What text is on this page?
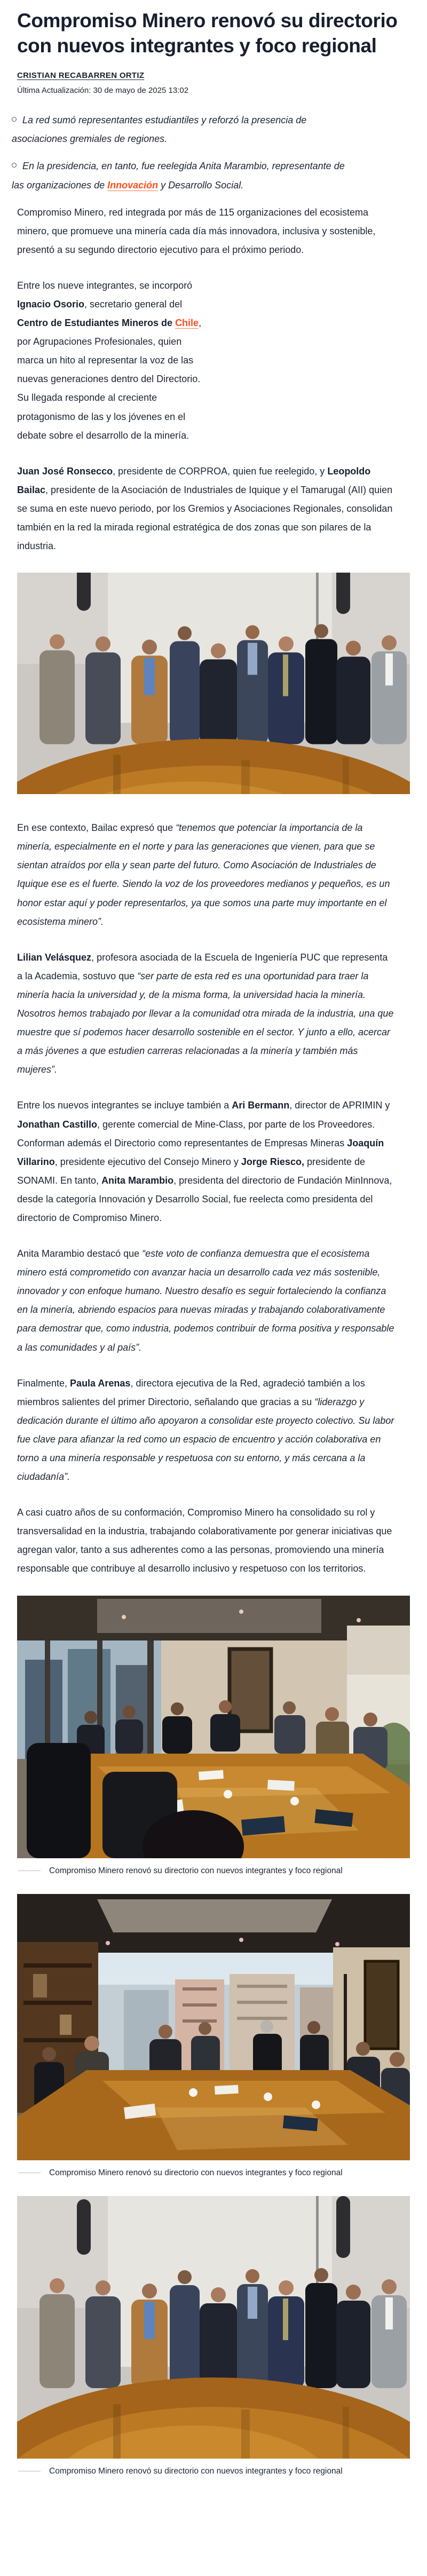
Compromiso Minero renovó su directorio con nuevos integrantes y foco regional
CRISTIAN RECABARREN ORTIZ
Última Actualización: 30 de mayo de 2025 13:02

La red sumó representantes estudiantiles y reforzó la presencia de asociaciones gremiales de regiones.

En la presidencia, en tanto, fue reelegida Anita Marambio, representante de las organizaciones de Innovación y Desarrollo Social.

Compromiso Minero, red integrada por más de 115 organizaciones del ecosistema minero, que promueve una minería cada día más innovadora, inclusiva y sostenible, presentó a su segundo directorio ejecutivo para el próximo periodo.

Entre los nueve integrantes, se incorporó Ignacio Osorio, secretario general del Centro de Estudiantes Mineros de Chile, por Agrupaciones Profesionales, quien marca un hito al representar la voz de las nuevas generaciones dentro del Directorio. Su llegada responde al creciente protagonismo de las y los jóvenes en el debate sobre el desarrollo de la minería.

Juan José Ronsecco, presidente de CORPROA, quien fue reelegido, y Leopoldo Bailac, presidente de la Asociación de Industriales de Iquique y el Tamarugal (AII) quien se suma en este nuevo periodo, por los Gremios y Asociaciones Regionales, consolidan también en la red la mirada regional estratégica de dos zonas que son pilares de la industria.

En ese contexto, Bailac expresó que “tenemos que potenciar la importancia de la minería, especialmente en el norte y para las generaciones que vienen, para que se sientan atraídos por ella y sean parte del futuro. Como Asociación de Industriales de Iquique ese es el fuerte. Siendo la voz de los proveedores medianos y pequeños, es un honor estar aquí y poder representarlos, ya que somos una parte muy importante en el ecosistema minero”.

Lilian Velásquez, profesora asociada de la Escuela de Ingeniería PUC que representa a la Academia, sostuvo que “ser parte de esta red es una oportunidad para traer la minería hacia la universidad y, de la misma forma, la universidad hacia la minería. Nosotros hemos trabajado por llevar a la comunidad otra mirada de la industria, una que muestre que sí podemos hacer desarrollo sostenible en el sector. Y junto a ello, acercar a más jóvenes a que estudien carreras relacionadas a la minería y también más mujeres”.

Entre los nuevos integrantes se incluye también a Ari Bermann, director de APRIMIN y Jonathan Castillo, gerente comercial de Mine-Class, por parte de los Proveedores. Conforman además el Directorio como representantes de Empresas Mineras Joaquín Villarino, presidente ejecutivo del Consejo Minero y Jorge Riesco, presidente de SONAMI. En tanto, Anita Marambio, presidenta del directorio de Fundación MinInnova, desde la categoría Innovación y Desarrollo Social, fue reelecta como presidenta del directorio de Compromiso Minero.

Anita Marambio destacó que “este voto de confianza demuestra que el ecosistema minero está comprometido con avanzar hacia un desarrollo cada vez más sostenible, innovador y con enfoque humano. Nuestro desafío es seguir fortaleciendo la confianza en la minería, abriendo espacios para nuevas miradas y trabajando colaborativamente para demostrar que, como industria, podemos contribuir de forma positiva y responsable a las comunidades y al país”.

Finalmente, Paula Arenas, directora ejecutiva de la Red, agradeció también a los miembros salientes del primer Directorio, señalando que gracias a su “liderazgo y dedicación durante el último año apoyaron a consolidar este proyecto colectivo. Su labor fue clave para afianzar la red como un espacio de encuentro y acción colaborativa en torno a una minería responsable y respetuosa con su entorno, y más cercana a la ciudadanía”.

A casi cuatro años de su conformación, Compromiso Minero ha consolidado su rol y transversalidad en la industria, trabajando colaborativamente por generar iniciativas que agregan valor, tanto a sus adherentes como a las personas, promoviendo una minería responsable que contribuye al desarrollo inclusivo y respetuoso con los territorios.

Compromiso Minero renovó su directorio con nuevos integrantes y foco regional
Compromiso Minero renovó su directorio con nuevos integrantes y foco regional
Compromiso Minero renovó su directorio con nuevos integrantes y foco regional
